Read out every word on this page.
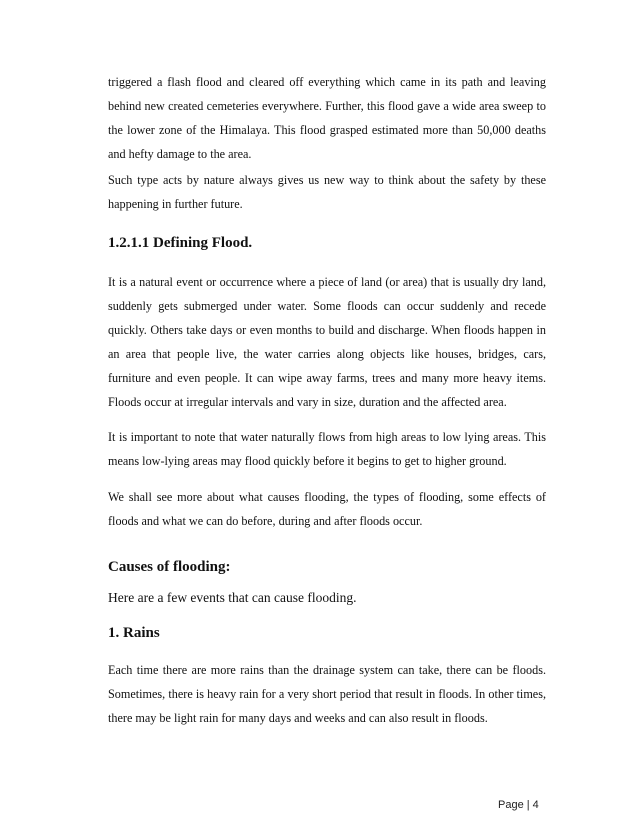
triggered a flash flood and cleared off everything which came in its path and leaving behind new created cemeteries everywhere. Further, this flood gave a wide area sweep to the lower zone of the Himalaya. This flood grasped estimated more than 50,000 deaths and hefty damage to the area.

Such type acts by nature always gives us new way to think about the safety by these happening in further future.

1.2.1.1 Defining Flood.

It is a natural event or occurrence where a piece of land (or area) that is usually dry land, suddenly gets submerged under water. Some floods can occur suddenly and recede quickly. Others take days or even months to build and discharge. When floods happen in an area that people live, the water carries along objects like houses, bridges, cars, furniture and even people. It can wipe away farms, trees and many more heavy items. Floods occur at irregular intervals and vary in size, duration and the affected area.

It is important to note that water naturally flows from high areas to low lying areas. This means low-lying areas may flood quickly before it begins to get to higher ground.

We shall see more about what causes flooding, the types of flooding, some effects of floods and what we can do before, during and after floods occur.

Causes of flooding:

Here are a few events that can cause flooding.

1. Rains

Each time there are more rains than the drainage system can take, there can be floods. Sometimes, there is heavy rain for a very short period that result in floods. In other times, there may be light rain for many days and weeks and can also result in floods.

Page | 4
